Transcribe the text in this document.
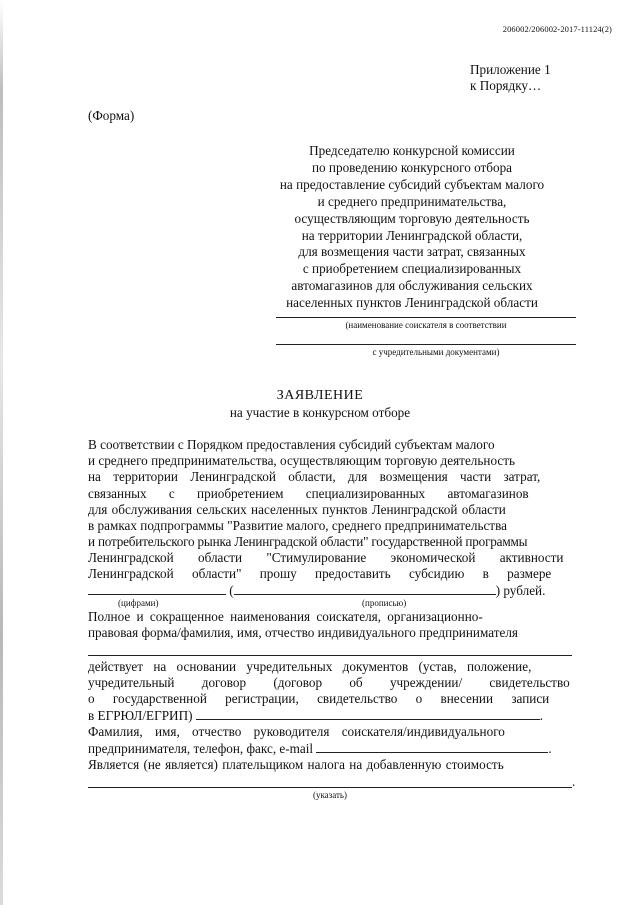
206002/206002-2017-11124(2)
Приложение 1
к Порядку…
(Форма)
Председателю конкурсной комиссии
по проведению конкурсного отбора
на предоставление субсидий субъектам малого
и среднего предпринимательства,
осуществляющим торговую деятельность
на территории Ленинградской области,
для возмещения части затрат, связанных
с приобретением специализированных
автомагазинов для обслуживания сельских
населенных пунктов Ленинградской области
(наименование соискателя в соответствии
с учредительными документами)
ЗАЯВЛЕНИЕ
на участие в конкурсном отборе
В соответствии с Порядком предоставления субсидий субъектам малого
и среднего предпринимательства, осуществляющим торговую деятельность
на территории Ленинградской области, для возмещения части затрат,
связанных с приобретением специализированных автомагазинов
для обслуживания сельских населенных пунктов Ленинградской области
в рамках подпрограммы "Развитие малого, среднего предпринимательства
и потребительского рынка Ленинградской области" государственной программы
Ленинградской области "Стимулирование экономической активности
Ленинградской области" прошу предоставить субсидию в размере
(	) рублей.
(цифрами)	(прописью)
Полное и сокращенное наименования соискателя, организационно-
правовая форма/фамилия, имя, отчество индивидуального предпринимателя
действует на основании учредительных документов (устав, положение,
учредительный договор (договор об учреждении/ свидетельство
о государственной регистрации, свидетельство о внесении записи
в ЕГРЮЛ/ЕГРИП)	.
Фамилия, имя, отчество руководителя соискателя/индивидуального
предпринимателя, телефон, факс, e-mail	.
Является (не является) плательщиком налога на добавленную стоимость
.
(указать)
